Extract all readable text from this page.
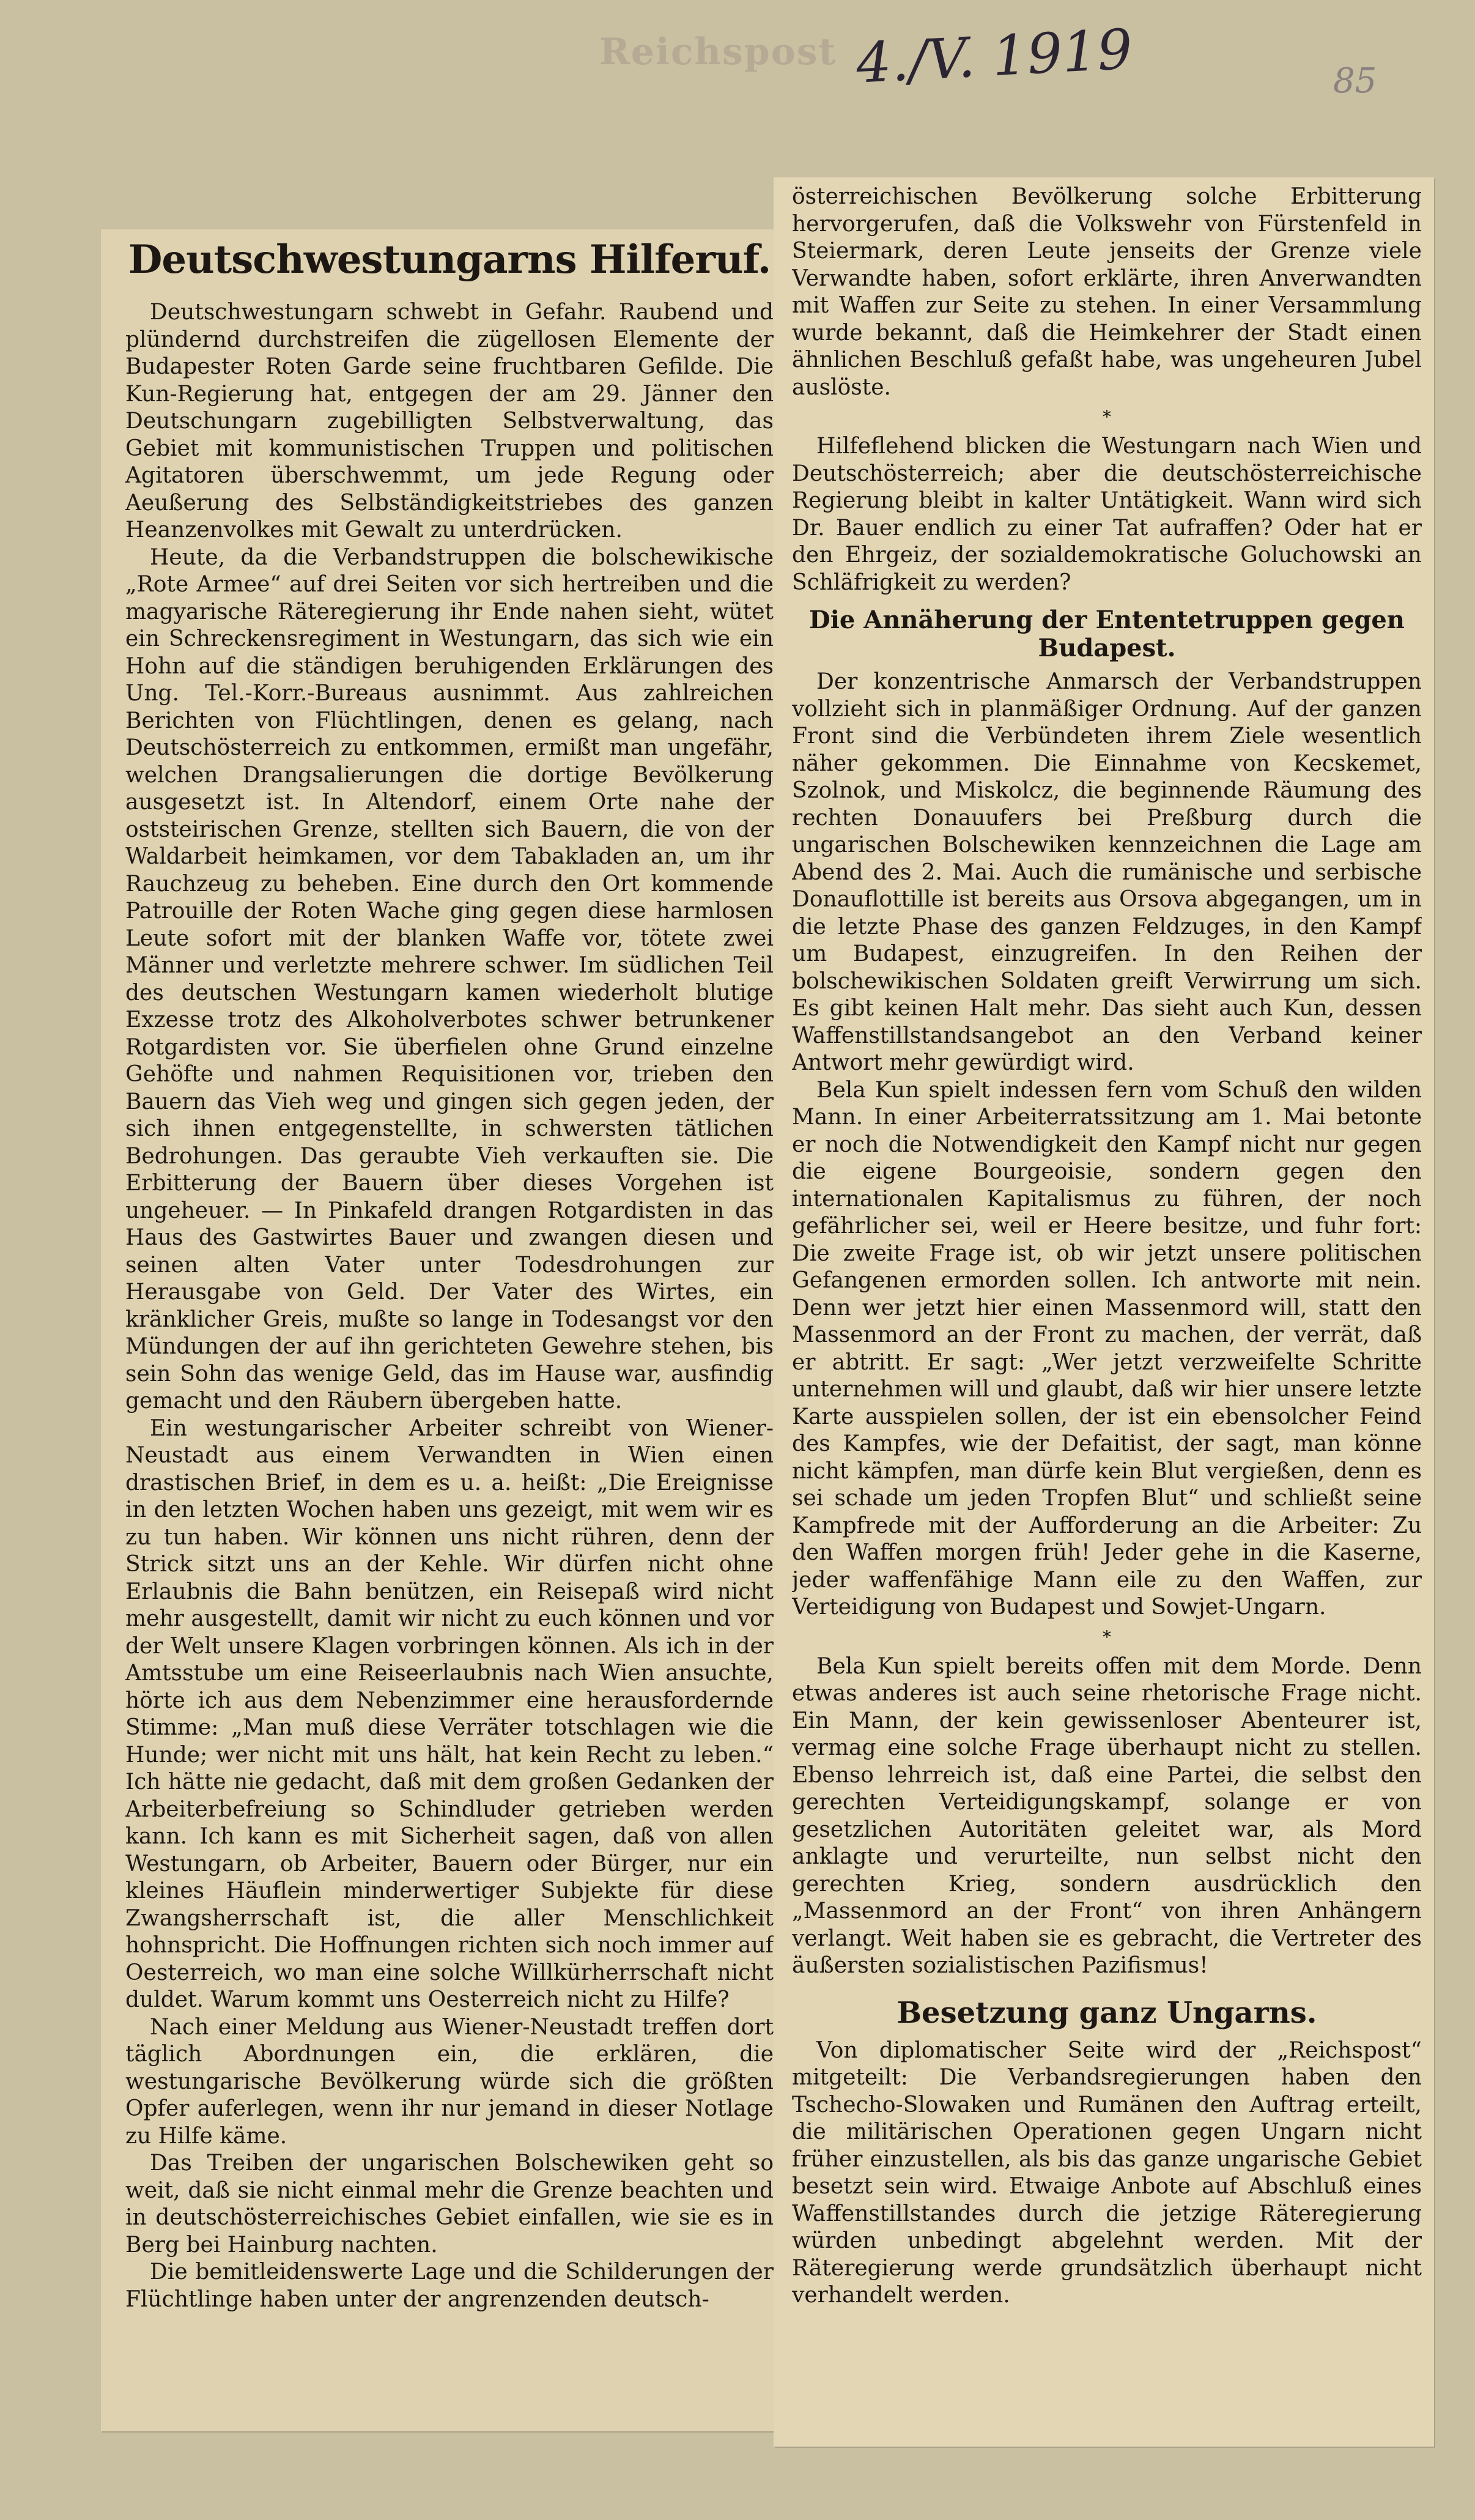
Reichspost 4./V. 1919	85
Deutschwestungarns Hilferuf.

Deutschwestungarn schwebt in Gefahr. Raubend und plündernd durchstreifen die zügellosen Elemente der Budapester Roten Garde seine fruchtbaren Gefilde. Die Kun-Regierung hat, entgegen der am 29. Jänner den Deutschungarn zugebilligten Selbstverwaltung, das Gebiet mit kommunistischen Truppen und politischen Agitatoren überschwemmt, um jede Regung oder Aeußerung des Selbständigkeitstriebes des ganzen Heanzenvolkes mit Gewalt zu unterdrücken.

Heute, da die Verbandstruppen die bolschewikische „Rote Armee“ auf drei Seiten vor sich hertreiben und die magyarische Räteregierung ihr Ende nahen sieht, wütet ein Schreckensregiment in Westungarn, das sich wie ein Hohn auf die ständigen beruhigenden Erklärungen des Ung. Tel.-Korr.-Bureaus ausnimmt. Aus zahlreichen Berichten von Flüchtlingen, denen es gelang, nach Deutschösterreich zu entkommen, ermißt man ungefähr, welchen Drangsalierungen die dortige Bevölkerung ausgesetzt ist. In Altendorf, einem Orte nahe der oststeirischen Grenze, stellten sich Bauern, die von der Waldarbeit heimkamen, vor dem Tabakladen an, um ihr Rauchzeug zu beheben. Eine durch den Ort kommende Patrouille der Roten Wache ging gegen diese harmlosen Leute sofort mit der blanken Waffe vor, tötete zwei Männer und verletzte mehrere schwer. Im südlichen Teil des deutschen Westungarn kamen wiederholt blutige Exzesse trotz des Alkoholverbotes schwer betrunkener Rotgardisten vor. Sie überfielen ohne Grund einzelne Gehöfte und nahmen Requisitionen vor, trieben den Bauern das Vieh weg und gingen sich gegen jeden, der sich ihnen entgegenstellte, in schwersten tätlichen Bedrohungen. Das geraubte Vieh verkauften sie. Die Erbitterung der Bauern über dieses Vorgehen ist ungeheuer. — In Pinkafeld drangen Rotgardisten in das Haus des Gastwirtes Bauer und zwangen diesen und seinen alten Vater unter Todesdrohungen zur Herausgabe von Geld. Der Vater des Wirtes, ein kränklicher Greis, mußte so lange in Todesangst vor den Mündungen der auf ihn gerichteten Gewehre stehen, bis sein Sohn das wenige Geld, das im Hause war, ausfindig gemacht und den Räubern übergeben hatte.

Ein westungarischer Arbeiter schreibt von Wiener-Neustadt aus einem Verwandten in Wien einen drastischen Brief, in dem es u. a. heißt: „Die Ereignisse in den letzten Wochen haben uns gezeigt, mit wem wir es zu tun haben. Wir können uns nicht rühren, denn der Strick sitzt uns an der Kehle. Wir dürfen nicht ohne Erlaubnis die Bahn benützen, ein Reisepaß wird nicht mehr ausgestellt, damit wir nicht zu euch können und vor der Welt unsere Klagen vorbringen können. Als ich in der Amtsstube um eine Reiseerlaubnis nach Wien ansuchte, hörte ich aus dem Nebenzimmer eine herausfordernde Stimme: „Man muß diese Verräter totschlagen wie die Hunde; wer nicht mit uns hält, hat kein Recht zu leben.“ Ich hätte nie gedacht, daß mit dem großen Gedanken der Arbeiterbefreiung so Schindluder getrieben werden kann. Ich kann es mit Sicherheit sagen, daß von allen Westungarn, ob Arbeiter, Bauern oder Bürger, nur ein kleines Häuflein minderwertiger Subjekte für diese Zwangsherrschaft ist, die aller Menschlichkeit hohnspricht. Die Hoffnungen richten sich noch immer auf Oesterreich, wo man eine solche Willkürherrschaft nicht duldet. Warum kommt uns Oesterreich nicht zu Hilfe?

Nach einer Meldung aus Wiener-Neustadt treffen dort täglich Abordnungen ein, die erklären, die westungarische Bevölkerung würde sich die größten Opfer auferlegen, wenn ihr nur jemand in dieser Notlage zu Hilfe käme.

Das Treiben der ungarischen Bolschewiken geht so weit, daß sie nicht einmal mehr die Grenze beachten und in deutschösterreichisches Gebiet einfallen, wie sie es in Berg bei Hainburg nachten.

Die bemitleidenswerte Lage und die Schilderungen der Flüchtlinge haben unter der angrenzenden deutsch-

österreichischen Bevölkerung solche Erbitterung hervorgerufen, daß die Volkswehr von Fürstenfeld in Steiermark, deren Leute jenseits der Grenze viele Verwandte haben, sofort erklärte, ihren Anverwandten mit Waffen zur Seite zu stehen. In einer Versammlung wurde bekannt, daß die Heimkehrer der Stadt einen ähnlichen Beschluß gefaßt habe, was ungeheuren Jubel auslöste.

*

Hilfeflehend blicken die Westungarn nach Wien und Deutschösterreich; aber die deutschösterreichische Regierung bleibt in kalter Untätigkeit. Wann wird sich Dr. Bauer endlich zu einer Tat aufraffen? Oder hat er den Ehrgeiz, der sozialdemokratische Goluchowski an Schläfrigkeit zu werden?

Die Annäherung der Ententetruppen gegen Budapest.

Der konzentrische Anmarsch der Verbandstruppen vollzieht sich in planmäßiger Ordnung. Auf der ganzen Front sind die Verbündeten ihrem Ziele wesentlich näher gekommen. Die Einnahme von Kecskemet, Szolnok, und Miskolcz, die beginnende Räumung des rechten Donauufers bei Preßburg durch die ungarischen Bolschewiken kennzeichnen die Lage am Abend des 2. Mai. Auch die rumänische und serbische Donauflottille ist bereits aus Orsova abgegangen, um in die letzte Phase des ganzen Feldzuges, in den Kampf um Budapest, einzugreifen. In den Reihen der bolschewikischen Soldaten greift Verwirrung um sich. Es gibt keinen Halt mehr. Das sieht auch Kun, dessen Waffenstillstandsangebot an den Verband keiner Antwort mehr gewürdigt wird.

Bela Kun spielt indessen fern vom Schuß den wilden Mann. In einer Arbeiterratssitzung am 1. Mai betonte er noch die Notwendigkeit den Kampf nicht nur gegen die eigene Bourgeoisie, sondern gegen den internationalen Kapitalismus zu führen, der noch gefährlicher sei, weil er Heere besitze, und fuhr fort: Die zweite Frage ist, ob wir jetzt unsere politischen Gefangenen ermorden sollen. Ich antworte mit nein. Denn wer jetzt hier einen Massenmord will, statt den Massenmord an der Front zu machen, der verrät, daß er abtritt. Er sagt: „Wer jetzt verzweifelte Schritte unternehmen will und glaubt, daß wir hier unsere letzte Karte ausspielen sollen, der ist ein ebensolcher Feind des Kampfes, wie der Defaitist, der sagt, man könne nicht kämpfen, man dürfe kein Blut vergießen, denn es sei schade um jeden Tropfen Blut“ und schließt seine Kampfrede mit der Aufforderung an die Arbeiter: Zu den Waffen morgen früh! Jeder gehe in die Kaserne, jeder waffenfähige Mann eile zu den Waffen, zur Verteidigung von Budapest und Sowjet-Ungarn.

*

Bela Kun spielt bereits offen mit dem Morde. Denn etwas anderes ist auch seine rhetorische Frage nicht. Ein Mann, der kein gewissenloser Abenteurer ist, vermag eine solche Frage überhaupt nicht zu stellen. Ebenso lehrreich ist, daß eine Partei, die selbst den gerechten Verteidigungskampf, solange er von gesetzlichen Autoritäten geleitet war, als Mord anklagte und verurteilte, nun selbst nicht den gerechten Krieg, sondern ausdrücklich den „Massenmord an der Front“ von ihren Anhängern verlangt. Weit haben sie es gebracht, die Vertreter des äußersten sozialistischen Pazifismus!

Besetzung ganz Ungarns.

Von diplomatischer Seite wird der „Reichspost“ mitgeteilt: Die Verbandsregierungen haben den Tschecho-Slowaken und Rumänen den Auftrag erteilt, die militärischen Operationen gegen Ungarn nicht früher einzustellen, als bis das ganze ungarische Gebiet besetzt sein wird. Etwaige Anbote auf Abschluß eines Waffenstillstandes durch die jetzige Räteregierung würden unbedingt abgelehnt werden. Mit der Räteregierung werde grundsätzlich überhaupt nicht verhandelt werden.
